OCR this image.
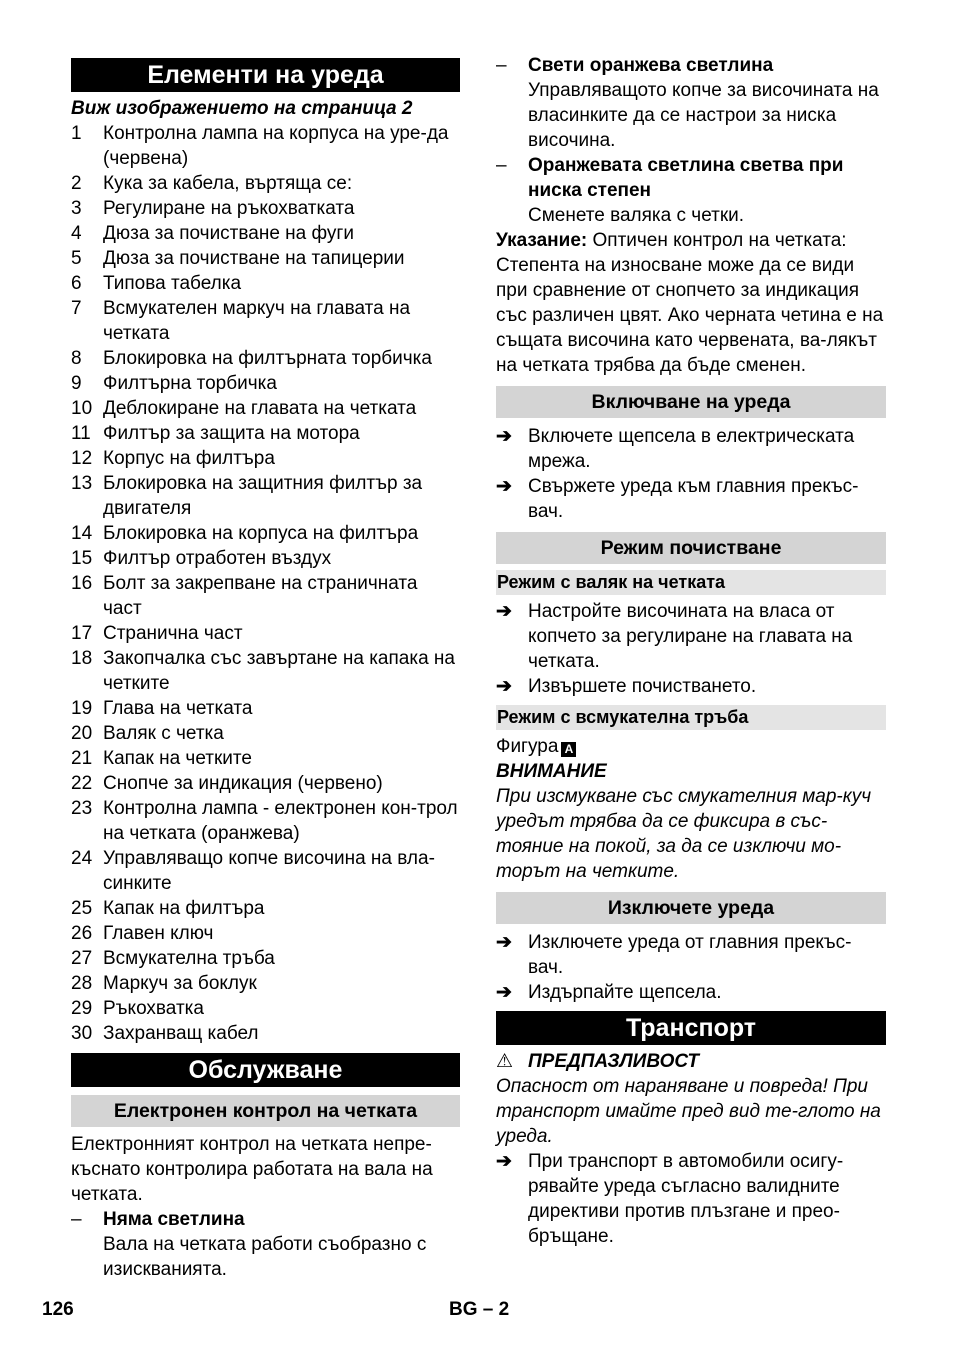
Елементи на уреда
Виж изображението на страница 2
1	Контролна лампа на корпуса на уре-да (червена)
2	Кука за кабела, въртяща се:
3	Регулиране на ръкохватката
4	Дюза за почистване на фуги
5	Дюза за почистване на тапицерии
6	Типова табелка
7	Всмукателен маркуч на главата на четката
8	Блокировка на филтърната торбичка
9	Филтърна торбичка
10 Деблокиране на главата на четката
11 Филтър за защита на мотора
12 Корпус на филтъра
13 Блокировка на защитния филтър за двигателя
14 Блокировка на корпуса на филтъра
15 Филтър отработен въздух
16 Болт за закрепване на страничната част
17 Странична част
18 Закопчалка със завъртане на капака на четките
19 Глава на четката
20 Валяк с четка
21 Капак на четките
22 Снопче за индикация (червено)
23 Контролна лампа - електронен кон-трол на четката (оранжева)
24 Управляващо копче височина на вла-синките
25 Капак на филтъра
26 Главен ключ
27 Всмукателна тръба
28 Маркуч за боклук
29 Ръкохватка
30 Захранващ кабел
Обслужване
Електронен контрол на четката
Електронният контрол на четката непре-къснато контролира работата на вала на четката.
–	Няма светлина
Вала на четката работи съобразно с изискванията.
–	Свети оранжева светлина
Управляващото копче за височината на власинките да се настрои за ниска височина.
–	Оранжевата светлина светва при ниска степен
Сменете валяка с четки.
Указание: Оптичен контрол на четката: Степента на износване може да се види при сравнение от снопчето за индикация със различен цвят. Ако черната четина е на същата височина като червената, ва-лякът на четката трябва да бъде сменен.
Включване на уреда
➔ Включете щепсела в електрическата мрежа.
➔ Свържете уреда към главния прекъс-вач.
Режим почистване
Режим с валяк на четката
➔ Настройте височината на власа от копчето за регулиране на главата на четката.
➔ Извършете почистването.
Режим с всмукателна тръба
Фигура A
ВНИМАНИЕ
При изсмукване със смукателния мар-куч уредът трябва да се фиксира в със-тояние на покой, за да се изключи мо-торът на четките.
Изключете уреда
➔ Изключете уреда от главния прекъс-вач.
➔ Издърпайте щепсела.
Транспорт
⚠ ПРЕДПАЗЛИВОСТ
Опасност от нараняване и повреда! При транспорт имайте пред вид те-глото на уреда.
➔ При транспорт в автомобили осигу-рявайте уреда съгласно валидните директиви против плъзгане и прео-бръщане.
126	BG – 2
